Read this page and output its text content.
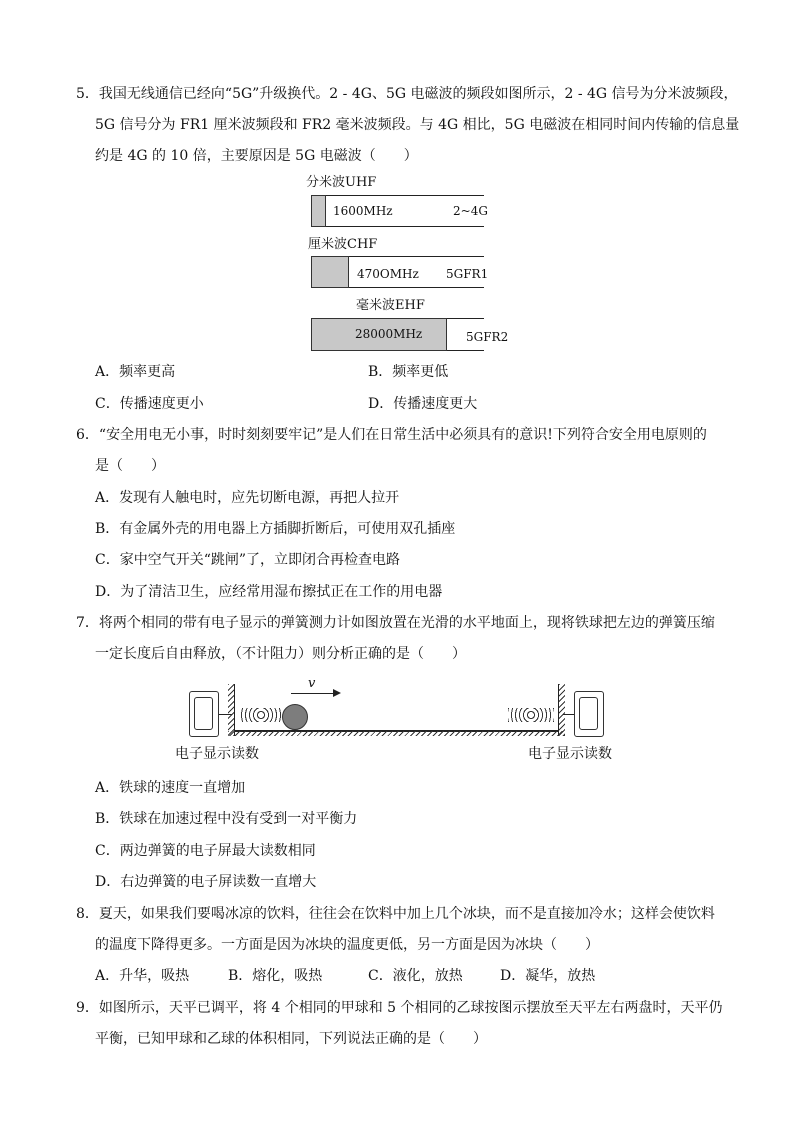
5．我国无线通信已经向“5G”升级换代。2 - 4G、5G 电磁波的频段如图所示，2 - 4G 信号为分米波频段，
5G 信号分为 FR1 厘米波频段和 FR2 毫米波频段。与 4G 相比，5G 电磁波在相同时间内传输的信息量
约是 4G 的 10 倍，主要原因是 5G 电磁波（　　）
分米波UHF
1600MHz	2~4G
厘米波CHF
470OMHz 5GFR1
毫米波EHF
28000MHz	5GFR2
A．频率更高	B．频率更低
C．传播速度更小	D．传播速度更大
6．“安全用电无小事，时时刻刻要牢记”是人们在日常生活中必须具有的意识!下列符合安全用电原则的
是（　　）
A．发现有人触电时，应先切断电源，再把人拉开
B．有金属外壳的用电器上方插脚折断后，可使用双孔插座
C．家中空气开关“跳闸”了，立即闭合再检查电路
D．为了清洁卫生，应经常用湿布擦拭正在工作的用电器
7．将两个相同的带有电子显示的弹簧测力计如图放置在光滑的水平地面上，现将铁球把左边的弹簧压缩
一定长度后自由释放，（不计阻力）则分析正确的是（　　）
v
电子显示读数	电子显示读数
A．铁球的速度一直增加
B．铁球在加速过程中没有受到一对平衡力
C．两边弹簧的电子屏最大读数相同
D．右边弹簧的电子屏读数一直增大
8．夏天，如果我们要喝冰凉的饮料，往往会在饮料中加上几个冰块，而不是直接加冷水；这样会使饮料
的温度下降得更多。一方面是因为冰块的温度更低，另一方面是因为冰块（　　）
A．升华，吸热	B．熔化，吸热	C．液化，放热	D．凝华，放热
9．如图所示，天平已调平，将 4 个相同的甲球和 5 个相同的乙球按图示摆放至天平左右两盘时，天平仍
平衡，已知甲球和乙球的体积相同，下列说法正确的是（　　）
